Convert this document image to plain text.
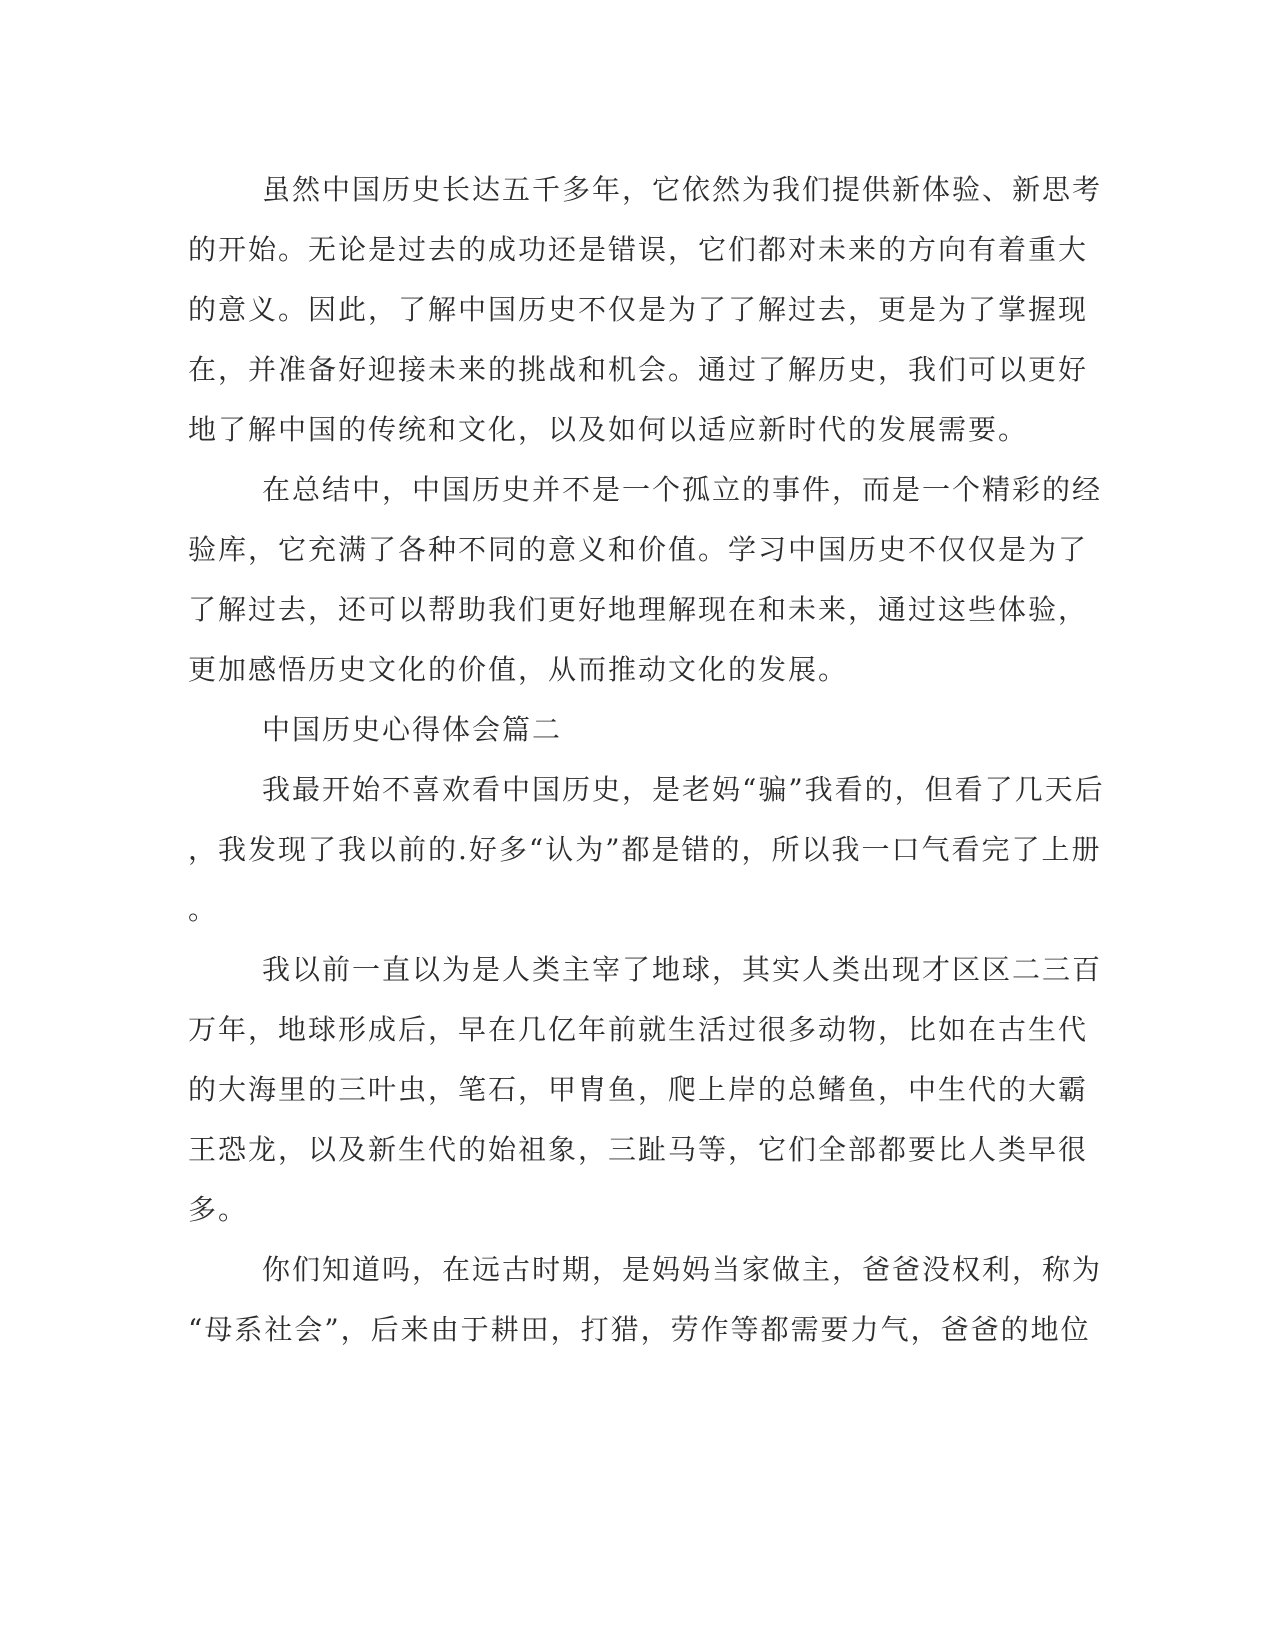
虽然中国历史长达五千多年，它依然为我们提供新体验、新思考
的开始。无论是过去的成功还是错误，它们都对未来的方向有着重大
的意义。因此，了解中国历史不仅是为了了解过去，更是为了掌握现
在，并准备好迎接未来的挑战和机会。通过了解历史，我们可以更好
地了解中国的传统和文化，以及如何以适应新时代的发展需要。
在总结中，中国历史并不是一个孤立的事件，而是一个精彩的经
验库，它充满了各种不同的意义和价值。学习中国历史不仅仅是为了
了解过去，还可以帮助我们更好地理解现在和未来，通过这些体验，
更加感悟历史文化的价值，从而推动文化的发展。
中国历史心得体会篇二
我最开始不喜欢看中国历史，是老妈“骗”我看的，但看了几天后
，我发现了我以前的.好多“认为”都是错的，所以我一口气看完了上册
。
我以前一直以为是人类主宰了地球，其实人类出现才区区二三百
万年，地球形成后，早在几亿年前就生活过很多动物，比如在古生代
的大海里的三叶虫，笔石，甲胄鱼，爬上岸的总鳍鱼，中生代的大霸
王恐龙，以及新生代的始祖象，三趾马等，它们全部都要比人类早很
多。
你们知道吗，在远古时期，是妈妈当家做主，爸爸没权利，称为
“母系社会”，后来由于耕田，打猎，劳作等都需要力气，爸爸的地位
